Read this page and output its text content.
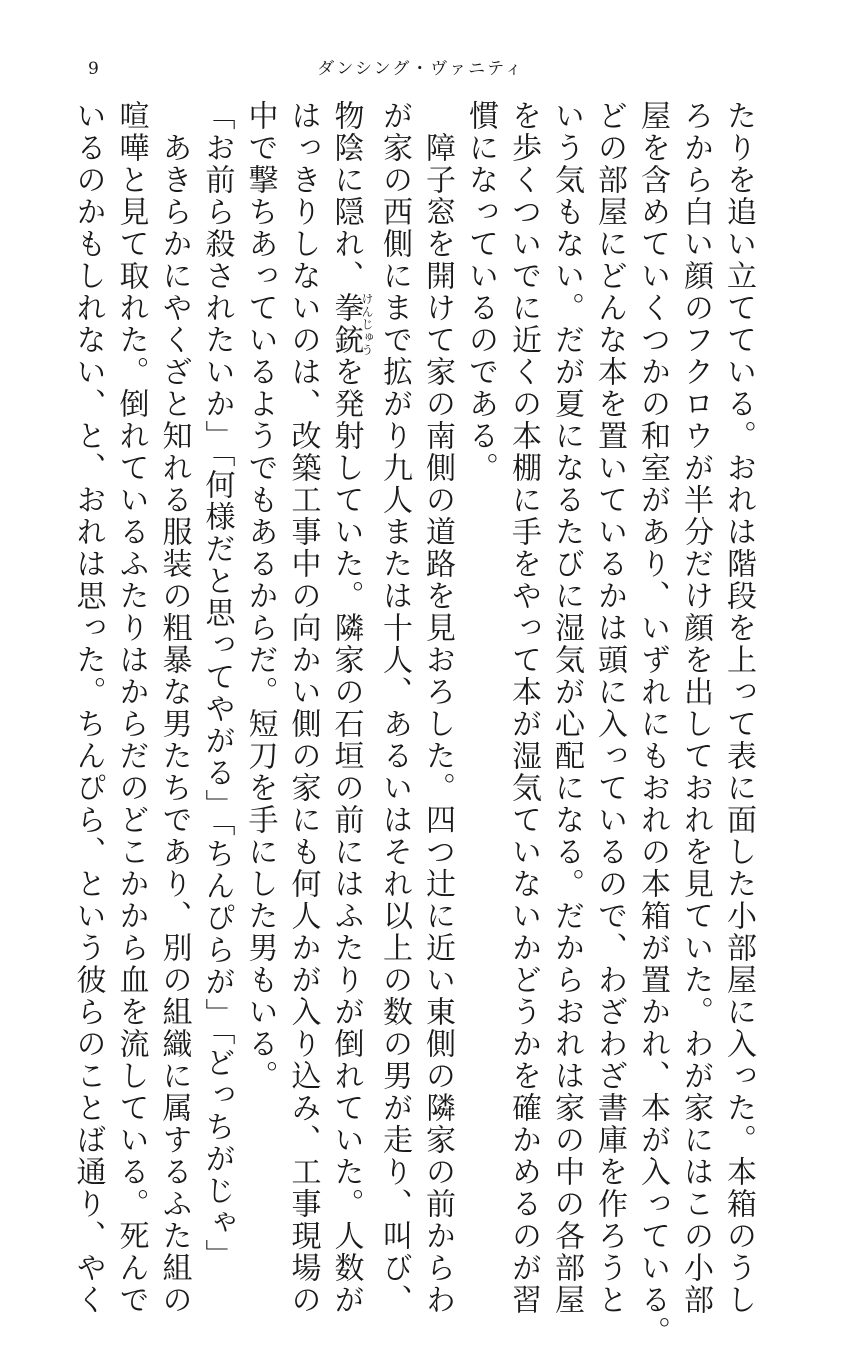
9	ダンシング・ヴァニティ
たりを追い立てている。おれは階段を上って表に面した小部屋に入った。本箱のうし
ろから白い顔のフクロウが半分だけ顔を出しておれを見ていた。わが家にはこの小部
屋を含めていくつかの和室があり、いずれにもおれの本箱が置かれ、本が入っている。
どの部屋にどんな本を置いているかは頭に入っているので、わざわざ書庫を作ろうと
いう気もない。だが夏になるたびに湿気が心配になる。だからおれは家の中の各部屋
を歩くついでに近くの本棚に手をやって本が湿気ていないかどうかを確かめるのが習
慣になっているのである。
　障子窓を開けて家の南側の道路を見おろした。四つ辻に近い東側の隣家の前からわ
が家の西側にまで拡がり九人または十人、あるいはそれ以上の数の男が走り、叫び、
物陰に隠れ、拳銃けんじゅうを発射していた。隣家の石垣の前にはふたりが倒れていた。人数が
はっきりしないのは、改築工事中の向かい側の家にも何人かが入り込み、工事現場の
中で撃ちあっているようでもあるからだ。短刀を手にした男もいる。
「お前ら殺されたいか」「何様だと思ってやがる」「ちんぴらが」「どっちがじゃ」
　あきらかにやくざと知れる服装の粗暴な男たちであり、別の組織に属するふた組の
喧嘩と見て取れた。倒れているふたりはからだのどこかから血を流している。死んで
いるのかもしれない、と、おれは思った。ちんぴら、という彼らのことば通り、やく
